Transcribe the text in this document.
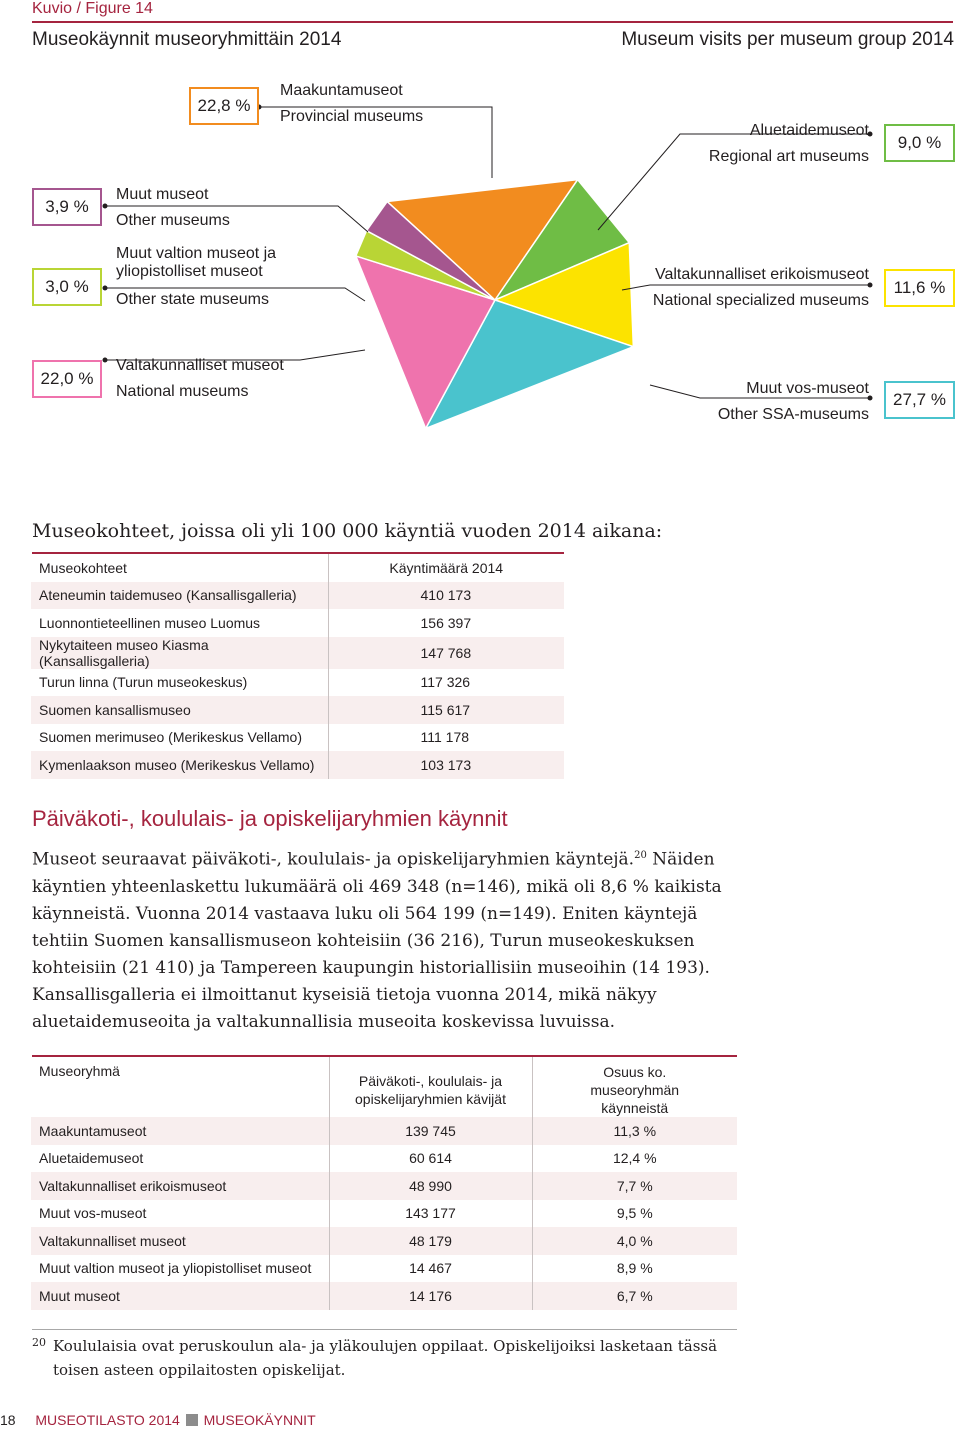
Kuvio / Figure 14
Museokäynnit museoryhmittäin 2014	Museum visits per museum group 2014
22,8 %
Maakuntamuseot
Provincial museums
Aluetaidemuseot
Regional art museums
9,0 %
3,9 %
Muut museot
Other museums
3,0 %
Muut valtion museot ja yliopistolliset museot
Other state museums
Valtakunnalliset erikoismuseot
National specialized museums
11,6 %
22,0 %
Valtakunnalliset museot
National museums	Muut vos-museot
Other SSA-museums
27,7 %
Museokohteet, joissa oli yli 100 000 käyntiä vuoden 2014 aikana:
Museokohteet	Käyntimäärä 2014
Ateneumin taidemuseo (Kansallisgalleria)	410 173
Luonnontieteellinen museo Luomus	156 397
Nykytaiteen museo Kiasma (Kansallisgalleria)	147 768
Turun linna (Turun museokeskus)	117 326
Suomen kansallismuseo	115 617
Suomen merimuseo (Merikeskus Vellamo)	111 178
Kymenlaakson museo (Merikeskus Vellamo)	103 173
Päiväkoti-, koululais- ja opiskelijaryhmien käynnit
Museot seuraavat päiväkoti-, koululais- ja opiskelijaryhmien käyntejä.$^{20}$ Näiden käyntien yhteenlaskettu lukumäärä oli 469 348 (n=146), mikä oli 8,6 % kaikista käynneistä. Vuonna 2014 vastaava luku oli 564 199 (n=149). Eniten käyntejä tehtiin Suomen kansallismuseon kohteisiin (36 216), Turun museokeskuksen kohteisiin (21 410) ja Tampereen kaupungin historiallisiin museoihin (14 193). Kansallisgalleria ei ilmoittanut kyseisiä tietoja vuonna 2014, mikä näkyy aluetaidemuseoita ja valtakunnallisia museoita koskevissa luvuissa.
Museoryhmä	Päiväkoti-, koululais- ja opiskelijaryhmien kävijät	Osuus ko. museoryhmän käynneistä
Maakuntamuseot	139 745	11,3 %
Aluetaidemuseot	60 614	12,4 %
Valtakunnalliset erikoismuseot	48 990	7,7 %
Muut vos-museot	143 177	9,5 %
Valtakunnalliset museot	48 179	4,0 %
Muut valtion museot ja yliopistolliset museot	14 467	8,9 %
Muut museot	14 176	6,7 %
20 Koululaisia ovat peruskoulun ala- ja yläkoulujen oppilaat. Opiskelijoiksi lasketaan tässä toisen asteen oppilaitosten opiskelijat.
18 MUSEOTILASTO 2014 MUSEOKÄYNNIT
